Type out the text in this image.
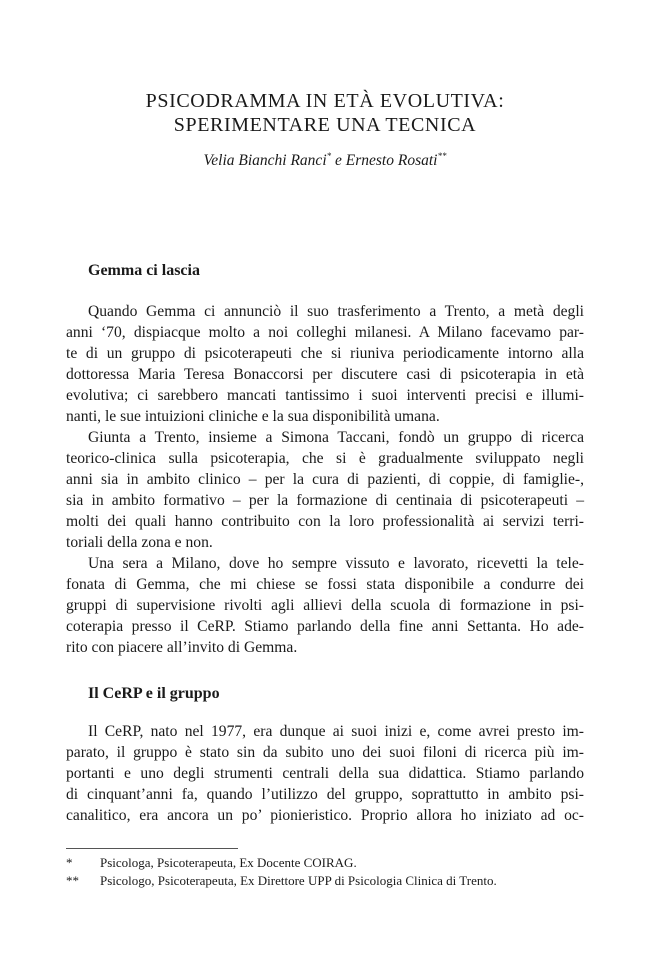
PSICODRAMMA IN ETÀ EVOLUTIVA:
SPERIMENTARE UNA TECNICA
Velia Bianchi Ranci* e Ernesto Rosati**
Gemma ci lascia
Quando Gemma ci annunciò il suo trasferimento a Trento, a metà degli
anni ‘70, dispiacque molto a noi colleghi milanesi. A Milano facevamo par-
te di un gruppo di psicoterapeuti che si riuniva periodicamente intorno alla
dottoressa Maria Teresa Bonaccorsi per discutere casi di psicoterapia in età
evolutiva; ci sarebbero mancati tantissimo i suoi interventi precisi e illumi-
nanti, le sue intuizioni cliniche e la sua disponibilità umana.
Giunta a Trento, insieme a Simona Taccani, fondò un gruppo di ricerca
teorico-clinica sulla psicoterapia, che si è gradualmente sviluppato negli
anni sia in ambito clinico – per la cura di pazienti, di coppie, di famiglie-,
sia in ambito formativo – per la formazione di centinaia di psicoterapeuti –
molti dei quali hanno contribuito con la loro professionalità ai servizi terri-
toriali della zona e non.
Una sera a Milano, dove ho sempre vissuto e lavorato, ricevetti la tele-
fonata di Gemma, che mi chiese se fossi stata disponibile a condurre dei
gruppi di supervisione rivolti agli allievi della scuola di formazione in psi-
coterapia presso il CeRP. Stiamo parlando della fine anni Settanta. Ho ade-
rito con piacere all’invito di Gemma.
Il CeRP e il gruppo
Il CeRP, nato nel 1977, era dunque ai suoi inizi e, come avrei presto im-
parato, il gruppo è stato sin da subito uno dei suoi filoni di ricerca più im-
portanti e uno degli strumenti centrali della sua didattica. Stiamo parlando
di cinquant’anni fa, quando l’utilizzo del gruppo, soprattutto in ambito psi-
canalitico, era ancora un po’ pionieristico. Proprio allora ho iniziato ad oc-
* Psicologa, Psicoterapeuta, Ex Docente COIRAG.
** Psicologo, Psicoterapeuta, Ex Direttore UPP di Psicologia Clinica di Trento.
